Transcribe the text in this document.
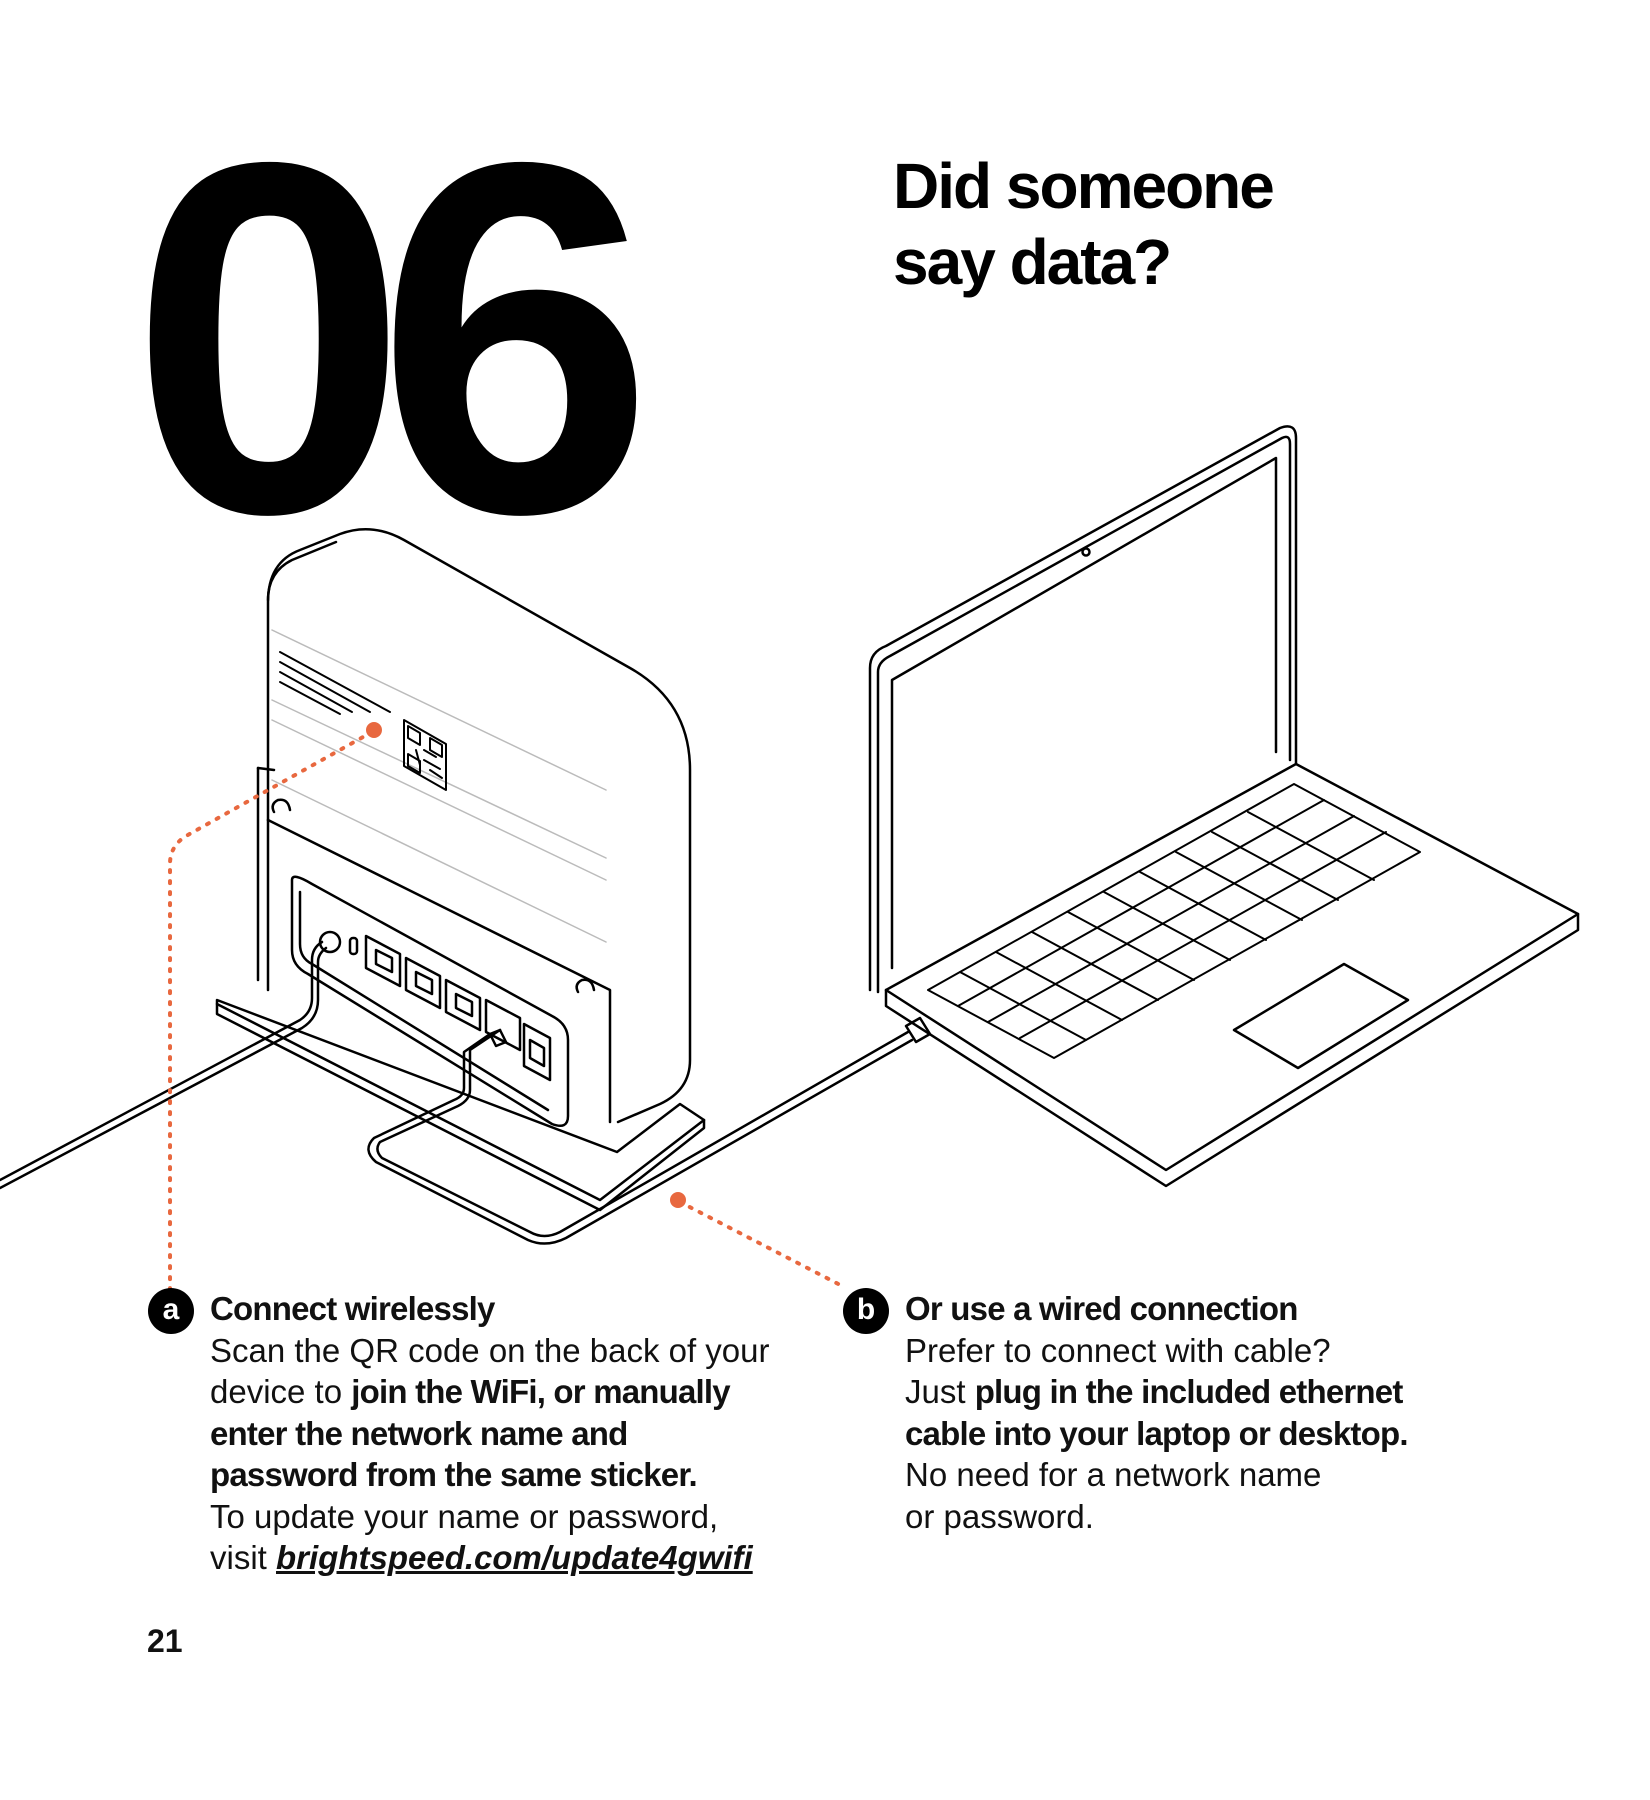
06	Did someone
say data?
a Connect wirelessly
Scan the QR code on the back of your
device to join the WiFi, or manually
enter the network name and
password from the same sticker.
To update your name or password,
visit brightspeed.com/update4gwifi
b Or use a wired connection
Prefer to connect with cable?
Just plug in the included ethernet
cable into your laptop or desktop.
No need for a network name
or password.
21
